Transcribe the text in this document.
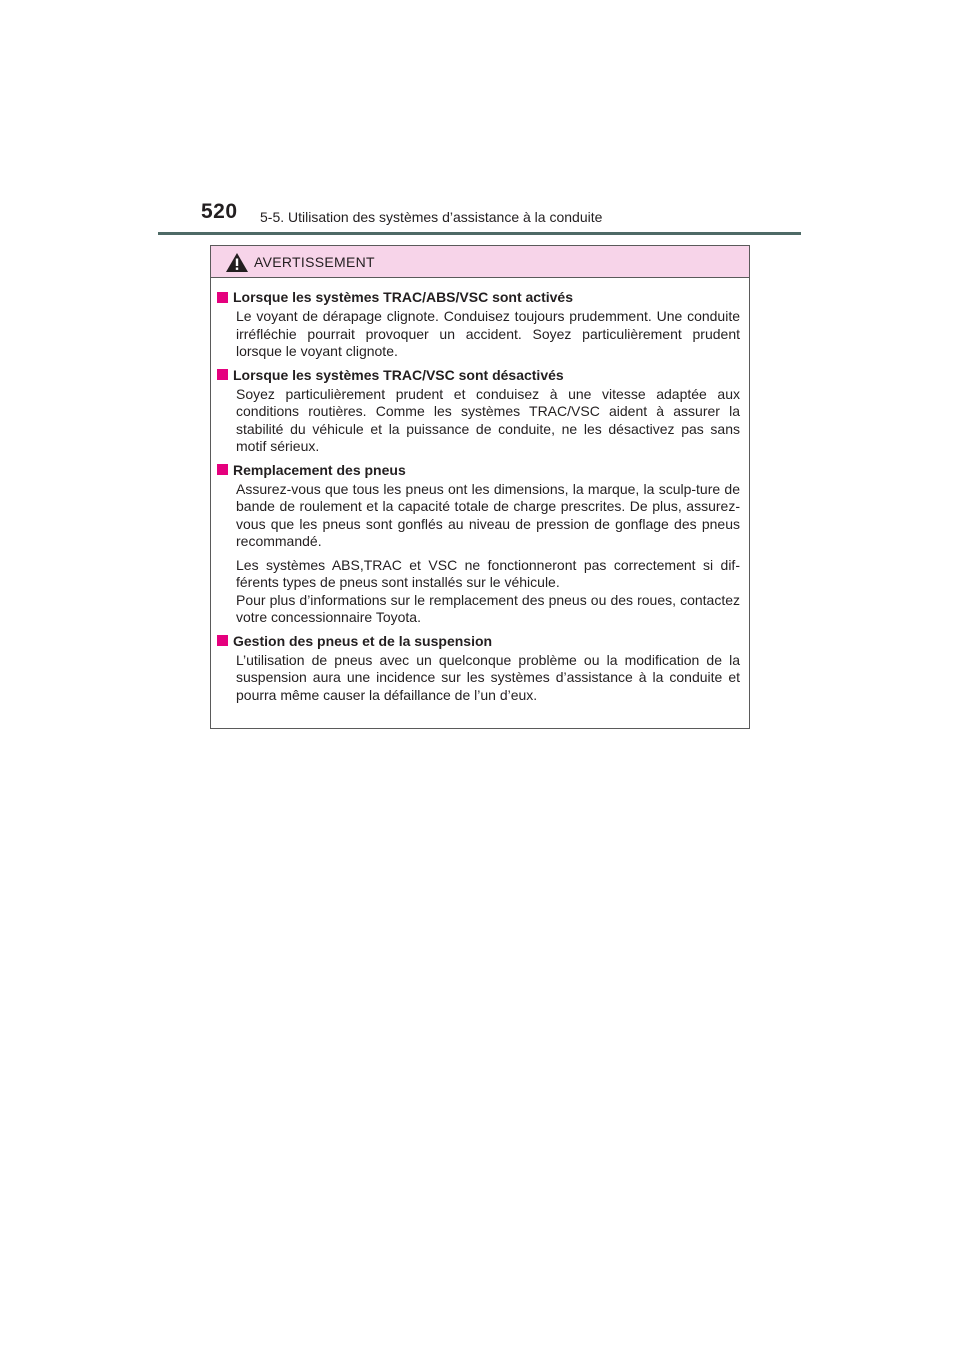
520 5-5. Utilisation des systèmes d’assistance à la conduite
AVERTISSEMENT
Lorsque les systèmes TRAC/ABS/VSC sont activés

Le voyant de dérapage clignote. Conduisez toujours prudemment. Une conduite irréfléchie pourrait provoquer un accident. Soyez particulièrement prudent lorsque le voyant clignote.

Lorsque les systèmes TRAC/VSC sont désactivés

Soyez particulièrement prudent et conduisez à une vitesse adaptée aux conditions routières. Comme les systèmes TRAC/VSC aident à assurer la stabilité du véhicule et la puissance de conduite, ne les désactivez pas sans motif sérieux.

Remplacement des pneus

Assurez-vous que tous les pneus ont les dimensions, la marque, la sculp-ture de bande de roulement et la capacité totale de charge prescrites. De plus, assurez-vous que les pneus sont gonflés au niveau de pression de gonflage des pneus recommandé.

Les systèmes ABS,TRAC et VSC ne fonctionneront pas correctement si dif-férents types de pneus sont installés sur le véhicule.
Pour plus d’informations sur le remplacement des pneus ou des roues, contactez votre concessionnaire Toyota.

Gestion des pneus et de la suspension

L’utilisation de pneus avec un quelconque problème ou la modification de la suspension aura une incidence sur les systèmes d’assistance à la conduite et pourra même causer la défaillance de l’un d’eux.
